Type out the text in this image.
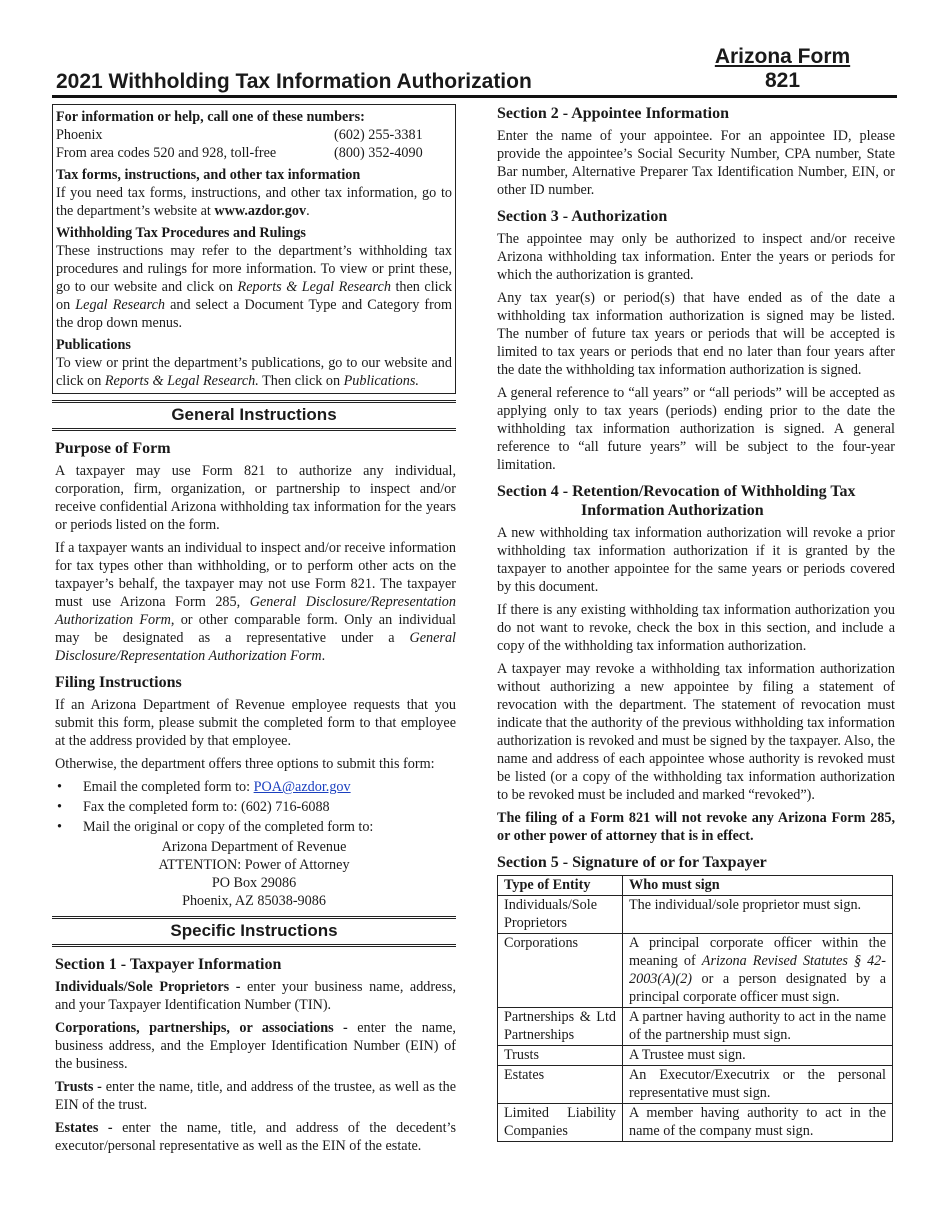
2021 Withholding Tax Information Authorization
Arizona Form
821
For information or help, call one of these numbers:
Phoenix	(602) 255-3381
From area codes 520 and 928, toll-free	(800) 352-4090
Tax forms, instructions, and other tax information
If you need tax forms, instructions, and other tax information, go to the department’s website at www.azdor.gov.
Withholding Tax Procedures and Rulings
These instructions may refer to the department’s withholding tax procedures and rulings for more information. To view or print these, go to our website and click on Reports & Legal Research then click on Legal Research and select a Document Type and Category from the drop down menus.
Publications
To view or print the department’s publications, go to our website and click on Reports & Legal Research. Then click on Publications.
General Instructions
Purpose of Form

A taxpayer may use Form 821 to authorize any individual, corporation, firm, organization, or partnership to inspect and/or receive confidential Arizona withholding tax information for the years or periods listed on the form.

If a taxpayer wants an individual to inspect and/or receive information for tax types other than withholding, or to perform other acts on the taxpayer’s behalf, the taxpayer may not use Form 821. The taxpayer must use Arizona Form 285, General Disclosure/Representation Authorization Form, or other comparable form. Only an individual may be designated as a representative under a General Disclosure/Representation Authorization Form.

Filing Instructions

If an Arizona Department of Revenue employee requests that you submit this form, please submit the completed form to that employee at the address provided by that employee.

Otherwise, the department offers three options to submit this form:

• Email the completed form to: POA@azdor.gov
• Fax the completed form to: (602) 716-6088
• Mail the original or copy of the completed form to:
Arizona Department of Revenue
ATTENTION: Power of Attorney
PO Box 29086
Phoenix, AZ 85038-9086
Specific Instructions
Section 1 - Taxpayer Information

Individuals/Sole Proprietors - enter your business name, address, and your Taxpayer Identification Number (TIN).

Corporations, partnerships, or associations - enter the name, business address, and the Employer Identification Number (EIN) of the business.

Trusts - enter the name, title, and address of the trustee, as well as the EIN of the trust.

Estates - enter the name, title, and address of the decedent’s executor/personal representative as well as the EIN of the estate.

Section 2 - Appointee Information

Enter the name of your appointee. For an appointee ID, please provide the appointee’s Social Security Number, CPA number, State Bar number, Alternative Preparer Tax Identification Number, EIN, or other ID number.

Section 3 - Authorization

The appointee may only be authorized to inspect and/or receive Arizona withholding tax information. Enter the years or periods for which the authorization is granted.

Any tax year(s) or period(s) that have ended as of the date a withholding tax information authorization is signed may be listed. The number of future tax years or periods that will be accepted is limited to tax years or periods that end no later than four years after the date the withholding tax information authorization is signed.

A general reference to “all years” or “all periods” will be accepted as applying only to tax years (periods) ending prior to the date the withholding tax information authorization is signed. A general reference to “all future years” will be subject to the four-year limitation.

Section 4 - Retention/Revocation of Withholding Tax
Information Authorization

A new withholding tax information authorization will revoke a prior withholding tax information authorization if it is granted by the taxpayer to another appointee for the same years or periods covered by this document.

If there is any existing withholding tax information authorization you do not want to revoke, check the box in this section, and include a copy of the withholding tax information authorization.

A taxpayer may revoke a withholding tax information authorization without authorizing a new appointee by filing a statement of revocation with the department. The statement of revocation must indicate that the authority of the previous withholding tax information authorization is revoked and must be signed by the taxpayer. Also, the name and address of each appointee whose authority is revoked must be listed (or a copy of the withholding tax information authorization to be revoked must be included and marked “revoked”).

The filing of a Form 821 will not revoke any Arizona Form 285, or other power of attorney that is in effect.

Section 5 - Signature of or for Taxpayer
Type of Entity	Who must sign
Individuals/Sole Proprietors	The individual/sole proprietor must sign.
Corporations	A principal corporate officer within the meaning of Arizona Revised Statutes § 42-2003(A)(2) or a person designated by a principal corporate officer must sign.
Partnerships & Ltd Partnerships	A partner having authority to act in the name of the partnership must sign.
Trusts	A Trustee must sign.
Estates	An Executor/Executrix or the personal representative must sign.
Limited Liability Companies	A member having authority to act in the name of the company must sign.
